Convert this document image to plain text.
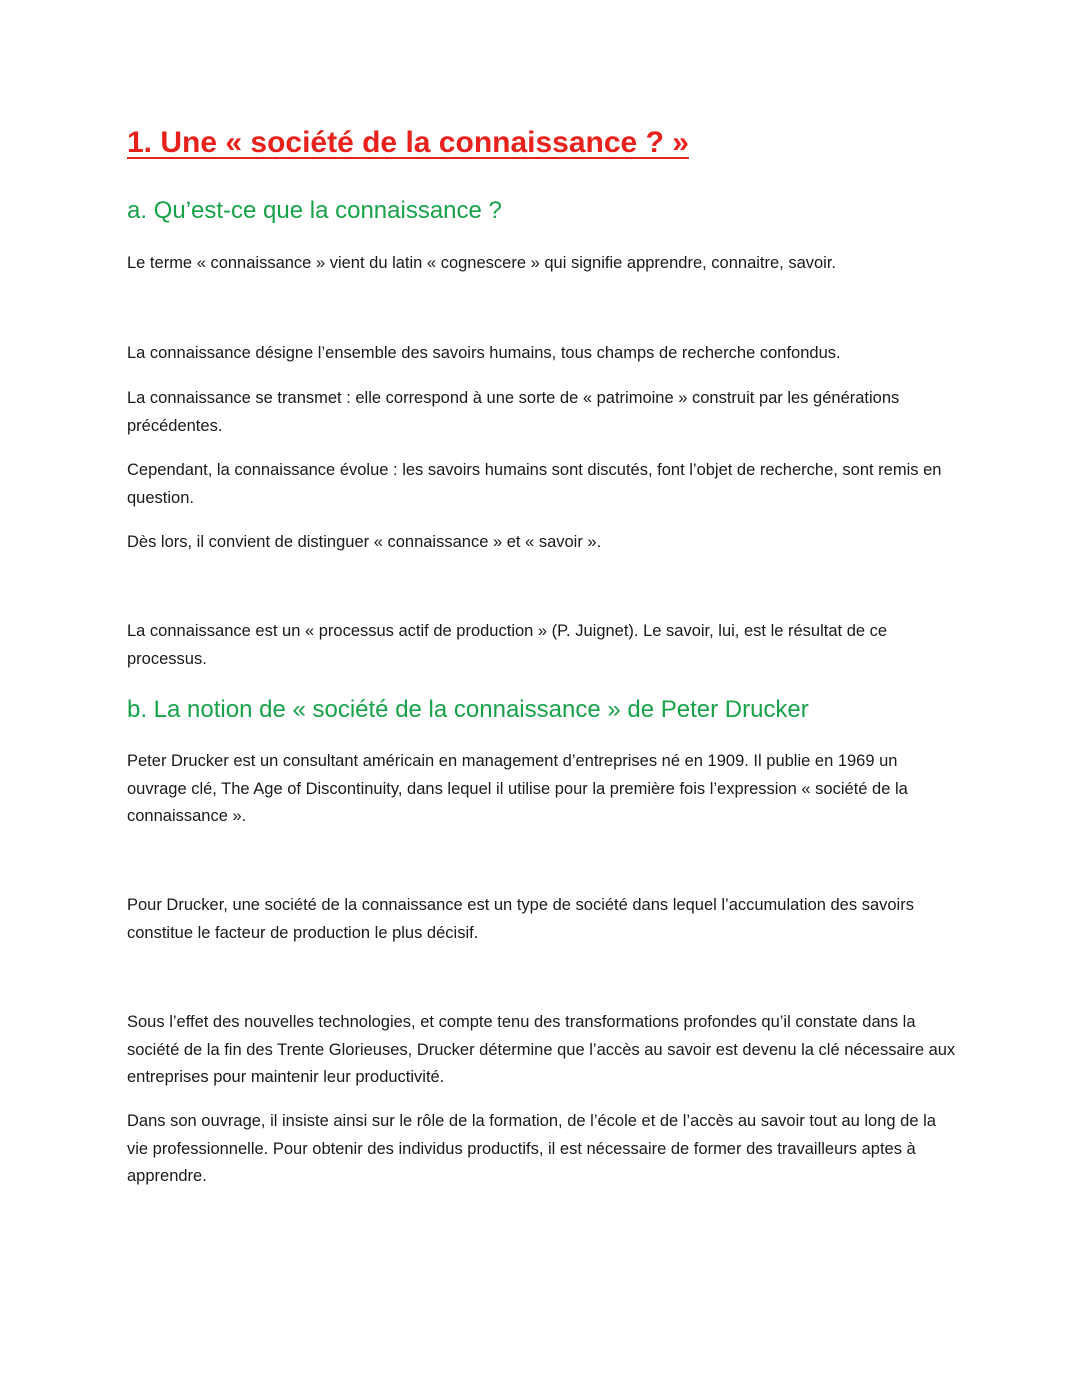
1. Une « société de la connaissance ? »
a. Qu’est-ce que la connaissance ?

Le terme « connaissance » vient du latin « cognescere » qui signifie apprendre, connaitre, savoir.

La connaissance désigne l’ensemble des savoirs humains, tous champs de recherche confondus.

La connaissance se transmet : elle correspond à une sorte de « patrimoine » construit par les générations précédentes.

Cependant, la connaissance évolue : les savoirs humains sont discutés, font l’objet de recherche, sont remis en question.

Dès lors, il convient de distinguer « connaissance » et « savoir ».

La connaissance est un « processus actif de production » (P. Juignet). Le savoir, lui, est le résultat de ce processus.

b. La notion de « société de la connaissance » de Peter Drucker

Peter Drucker est un consultant américain en management d’entreprises né en 1909. Il publie en 1969 un ouvrage clé, The Age of Discontinuity, dans lequel il utilise pour la première fois l’expression « société de la connaissance ».

Pour Drucker, une société de la connaissance est un type de société dans lequel l’accumulation des savoirs constitue le facteur de production le plus décisif.

Sous l’effet des nouvelles technologies, et compte tenu des transformations profondes qu’il constate dans la société de la fin des Trente Glorieuses, Drucker détermine que l’accès au savoir est devenu la clé nécessaire aux entreprises pour maintenir leur productivité.

Dans son ouvrage, il insiste ainsi sur le rôle de la formation, de l’école et de l’accès au savoir tout au long de la vie professionnelle. Pour obtenir des individus productifs, il est nécessaire de former des travailleurs aptes à apprendre.
